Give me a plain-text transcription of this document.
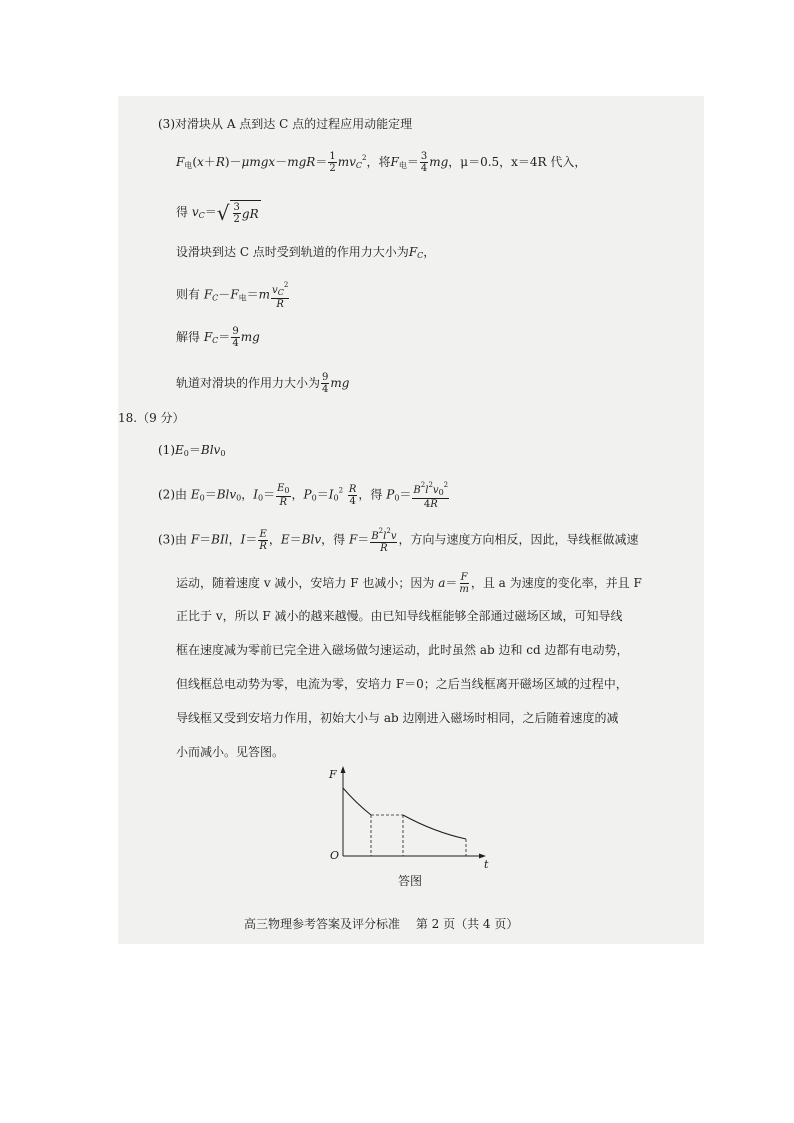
(3)对滑块从 A 点到达 C 点的过程应用动能定理
$F_电(x+R)-\mu mgx-mgR= \frac{1}{2} mv_C^2$，将$F_电= \frac{3}{4}$ mg，μ＝0.5，x＝4R 代入，
得 $v_C=$ √ $\frac{3}{2}$ gR
设滑块到达 C 点时受到轨道的作用力大小为$F_C$，
则有 $F_C-F_电=m \frac{v_C^2}{R}$
解得 $F_C= \frac{9}{4}$ mg
轨道对滑块的作用力大小为 $\frac{9}{4}$ mg
18.（9 分）
$(1)E_0=Blv_0$
(2)由 $E_0=Blv_0$，$I_0= \frac{E_0}{R}$ ，$P_0=I_0^2 \frac{R}{4}$ ，得 $P_0= \frac{B^2l^2v_0^2}{4R}$
(3)由 F＝BIl，$I= \frac{E}{R}$ ，E＝Blv，得 $F= \frac{B^2l^2v}{R}$ ，方向与速度方向相反，因此，导线框做减速
运动，随着速度 v 减小，安培力 F 也减小；因为 $a= \frac{F}{m}$ ，且 a 为速度的变化率，并且 F
正比于 v，所以 F 减小的越来越慢。由已知导线框能够全部通过磁场区域，可知导线
框在速度减为零前已完全进入磁场做匀速运动，此时虽然 ab 边和 cd 边都有电动势，
但线框总电动势为零，电流为零，安培力 F＝0；之后当线框离开磁场区域的过程中，
导线框又受到安培力作用，初始大小与 ab 边刚进入磁场时相同，之后随着速度的减
小而减小。见答图。
F
t
O
答图
高三物理参考答案及评分标准　 第 2 页（共 4 页）
